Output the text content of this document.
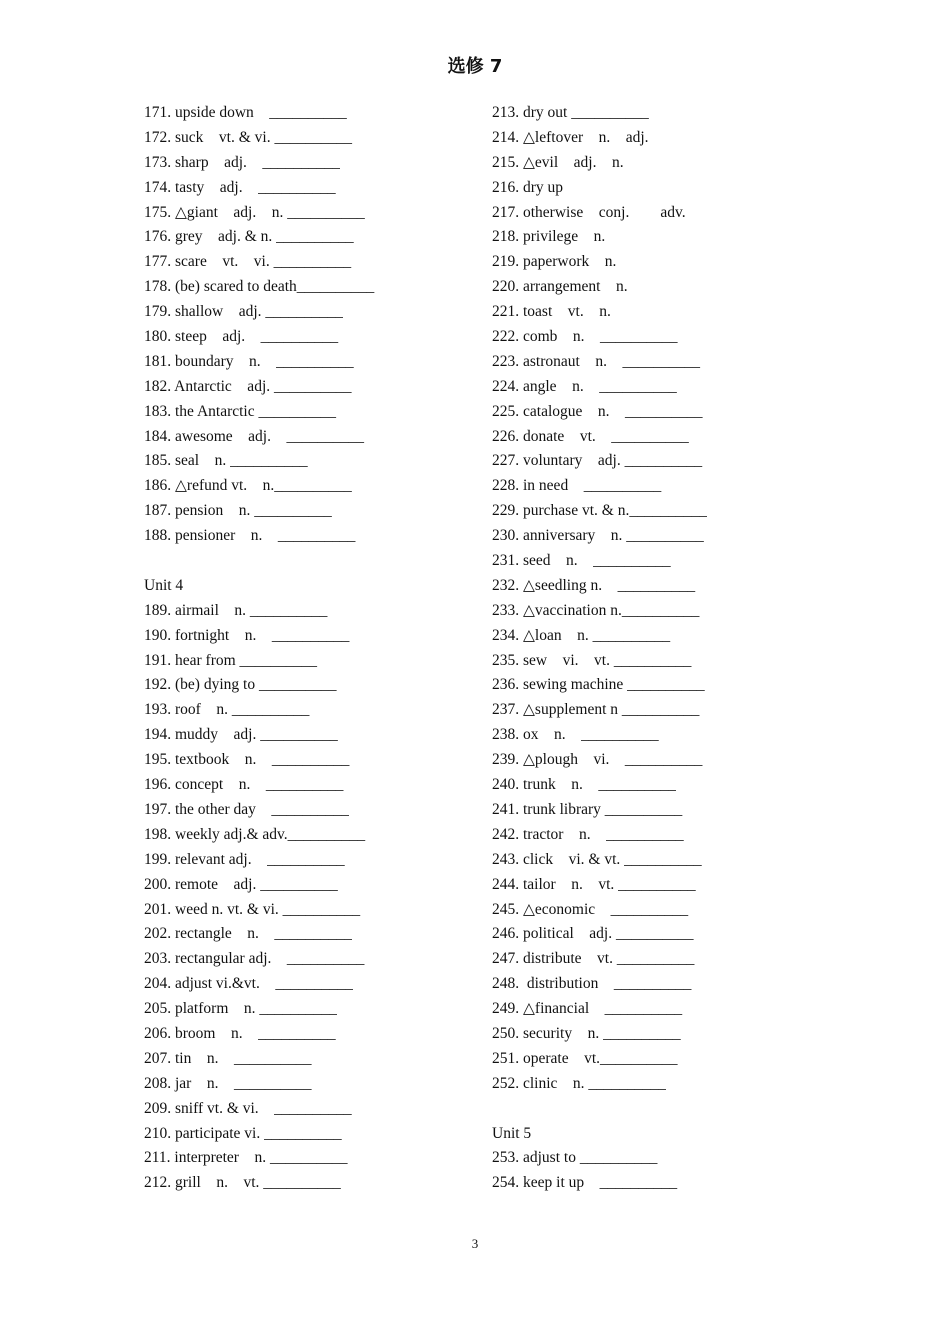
选修 7
171. upside down    __________
172. suck    vt. & vi. __________
173. sharp    adj.    __________
174. tasty    adj.    __________
175. △giant    adj.    n. __________
176. grey    adj. & n. __________
177. scare    vt.    vi. __________
178. (be) scared to death__________
179. shallow    adj. __________
180. steep    adj.    __________
181. boundary    n.    __________
182. Antarctic    adj. __________
183. the Antarctic __________
184. awesome    adj.    __________
185. seal    n. __________
186. △refund vt.    n.__________
187. pension    n. __________
188. pensioner    n.    __________
Unit 4
189. airmail    n. __________
190. fortnight    n.    __________
191. hear from __________
192. (be) dying to __________
193. roof    n. __________
194. muddy    adj. __________
195. textbook    n.    __________
196. concept    n.    __________
197. the other day    __________
198. weekly adj.& adv.__________
199. relevant adj.    __________
200. remote    adj. __________
201. weed n. vt. & vi. __________
202. rectangle    n.    __________
203. rectangular adj.    __________
204. adjust vi.&vt.    __________
205. platform    n. __________
206. broom    n.    __________
207. tin    n.    __________
208. jar    n.    __________
209. sniff vt. & vi.    __________
210. participate vi. __________
211. interpreter    n. __________
212. grill    n.    vt. __________
213. dry out __________
214. △leftover    n.    adj.
215. △evil    adj.    n.
216. dry up
217. otherwise    conj.        adv.
218. privilege    n.
219. paperwork    n.
220. arrangement    n.
221. toast    vt.    n.
222. comb    n.    __________
223. astronaut    n.    __________
224. angle    n.    __________
225. catalogue    n.    __________
226. donate    vt.    __________
227. voluntary    adj. __________
228. in need    __________
229. purchase vt. & n.__________
230. anniversary    n. __________
231. seed    n.    __________
232. △seedling n.    __________
233. △vaccination n.__________
234. △loan    n. __________
235. sew    vi.    vt. __________
236. sewing machine __________
237. △supplement n __________
238. ox    n.    __________
239. △plough    vi.    __________
240. trunk    n.    __________
241. trunk library __________
242. tractor    n.    __________
243. click    vi. & vt. __________
244. tailor    n.    vt. __________
245. △economic    __________
246. political    adj. __________
247. distribute    vt. __________
248.  distribution    __________
249. △financial    __________
250. security    n. __________
251. operate    vt.__________
252. clinic    n. __________
Unit 5
253. adjust to __________
254. keep it up    __________
3
